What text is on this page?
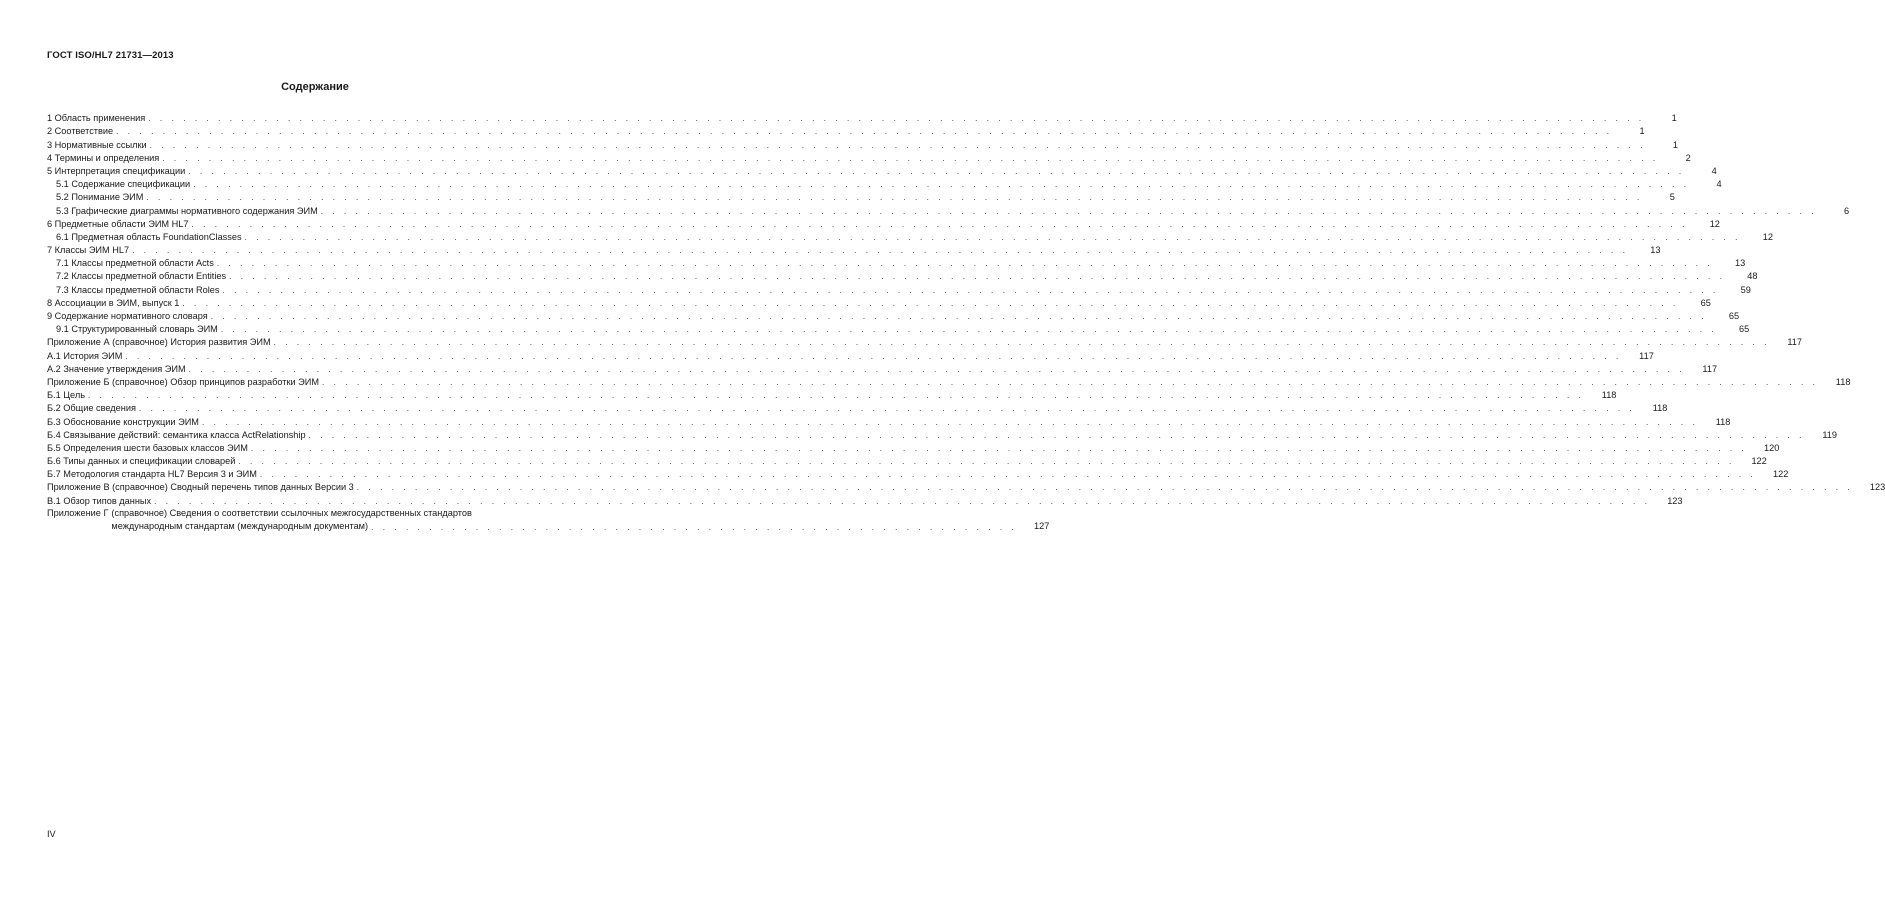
ГОСТ ISO/HL7 21731—2013
Содержание
1 Область применения . . .	1
2 Соответствие . . .	1
3 Нормативные ссылки . . .	1
4 Термины и определения . . .	2
5 Интерпретация спецификации . . .	4
5.1 Содержание спецификации . . .	4
5.2 Понимание ЭИМ . . .	5
5.3 Графические диаграммы нормативного содержания ЭИМ . . .	6
6 Предметные области ЭИМ HL7 . . .	12
6.1 Предметная область FoundationClasses . . .	12
7 Классы ЭИМ HL7 . . .	13
7.1 Классы предметной области Acts . . .	13
7.2 Классы предметной области Entities . . .	48
7.3 Классы предметной области Roles . . .	59
8 Ассоциации в ЭИМ, выпуск 1 . . .	65
9 Содержание нормативного словаря . . .	65
9.1 Структурированный словарь ЭИМ . . .	65
Приложение А (справочное) История развития ЭИМ . . .	117
А.1 История ЭИМ . . .	117
А.2 Значение утверждения ЭИМ . . .	117
Приложение Б (справочное) Обзор принципов разработки ЭИМ . . .	118
Б.1 Цель . . .	118
Б.2 Общие сведения . . .	118
Б.3 Обоснование конструкции ЭИМ . . .	118
Б.4 Связывание действий: семантика класса ActRelationship . . .	119
Б.5 Определения шести базовых классов ЭИМ . . .	120
Б.6 Типы данных и спецификации словарей . . .	122
Б.7 Методология стандарта HL7 Версия 3 и ЭИМ . . .	122
Приложение В (справочное) Сводный перечень типов данных Версии 3 . . .	123
В.1 Обзор типов данных . . .	123
Приложение Г (справочное) Сведения о соответствии ссылочных межгосударственных стандартов
международным стандартам (международным документам) . . .	127
IV
